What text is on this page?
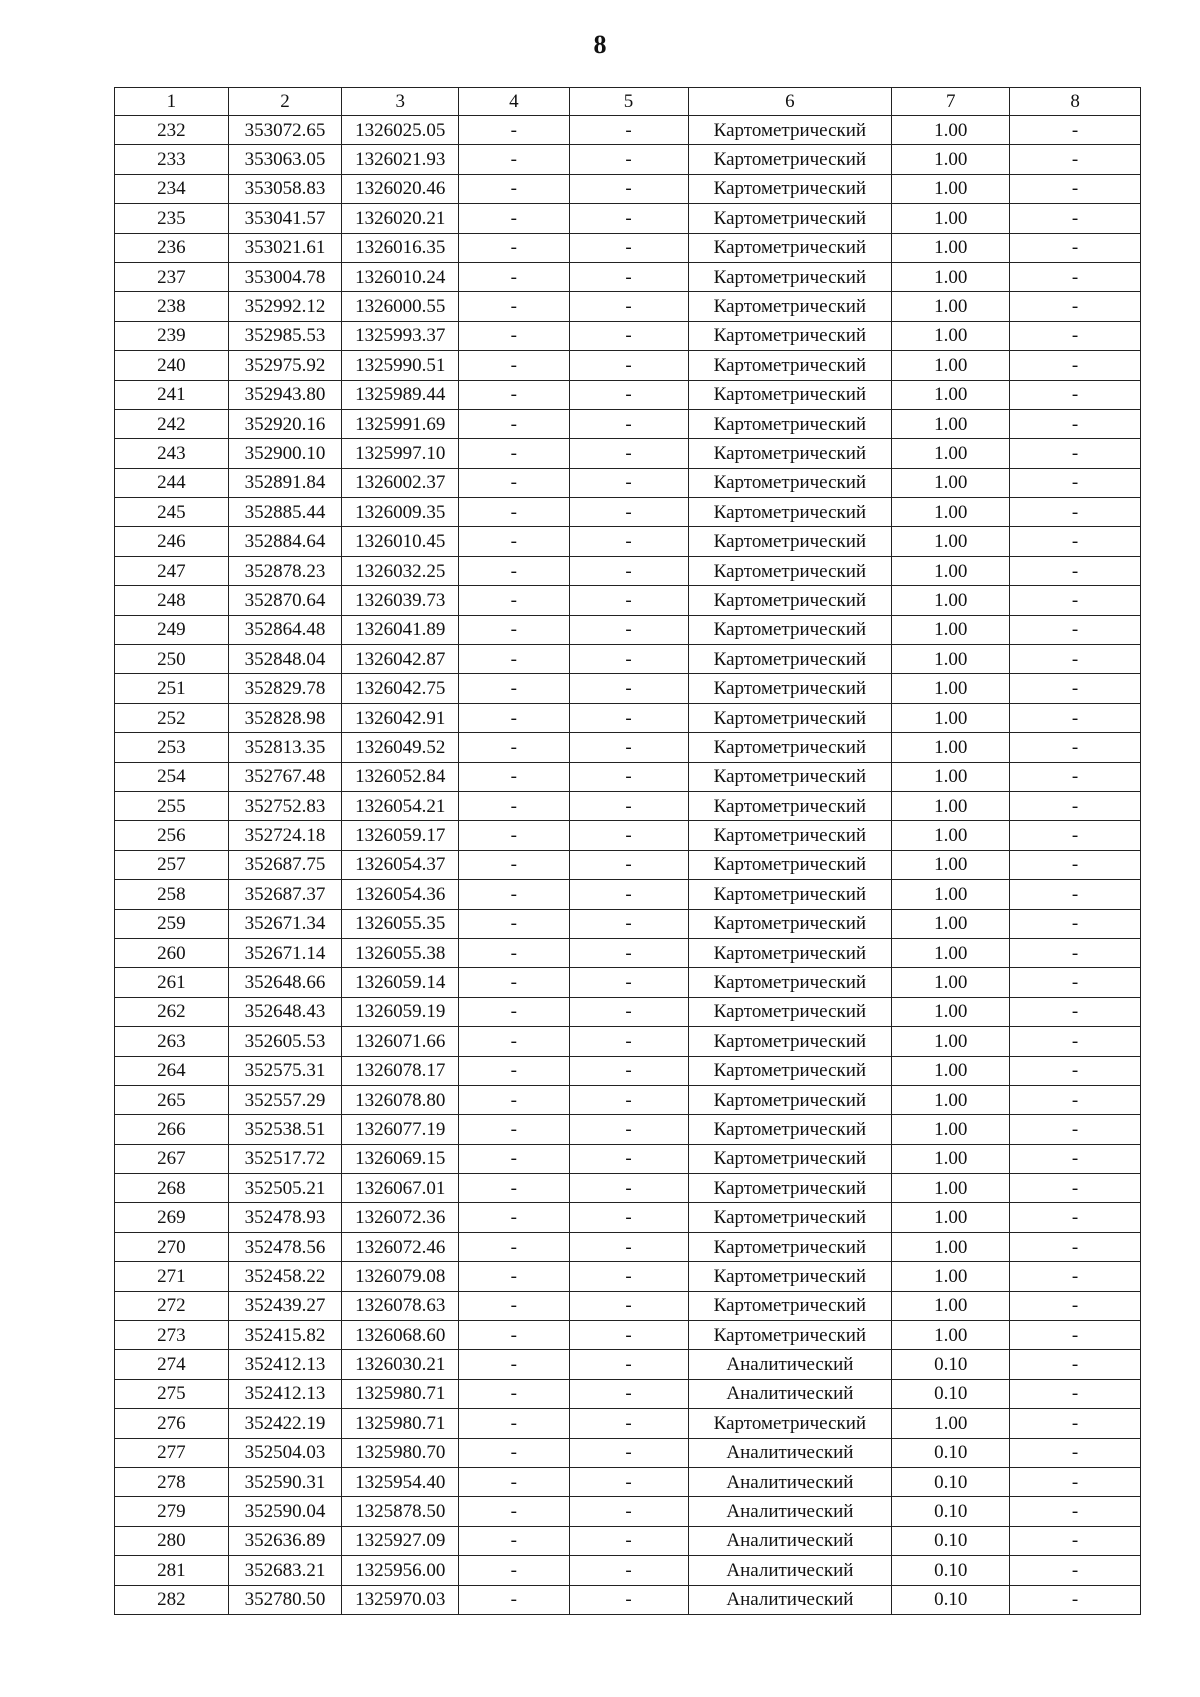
8
1	2	3	4	5	6	7	8
232	353072.65	1326025.05	-	-	Картометрический	1.00	-
233	353063.05	1326021.93	-	-	Картометрический	1.00	-
234	353058.83	1326020.46	-	-	Картометрический	1.00	-
235	353041.57	1326020.21	-	-	Картометрический	1.00	-
236	353021.61	1326016.35	-	-	Картометрический	1.00	-
237	353004.78	1326010.24	-	-	Картометрический	1.00	-
238	352992.12	1326000.55	-	-	Картометрический	1.00	-
239	352985.53	1325993.37	-	-	Картометрический	1.00	-
240	352975.92	1325990.51	-	-	Картометрический	1.00	-
241	352943.80	1325989.44	-	-	Картометрический	1.00	-
242	352920.16	1325991.69	-	-	Картометрический	1.00	-
243	352900.10	1325997.10	-	-	Картометрический	1.00	-
244	352891.84	1326002.37	-	-	Картометрический	1.00	-
245	352885.44	1326009.35	-	-	Картометрический	1.00	-
246	352884.64	1326010.45	-	-	Картометрический	1.00	-
247	352878.23	1326032.25	-	-	Картометрический	1.00	-
248	352870.64	1326039.73	-	-	Картометрический	1.00	-
249	352864.48	1326041.89	-	-	Картометрический	1.00	-
250	352848.04	1326042.87	-	-	Картометрический	1.00	-
251	352829.78	1326042.75	-	-	Картометрический	1.00	-
252	352828.98	1326042.91	-	-	Картометрический	1.00	-
253	352813.35	1326049.52	-	-	Картометрический	1.00	-
254	352767.48	1326052.84	-	-	Картометрический	1.00	-
255	352752.83	1326054.21	-	-	Картометрический	1.00	-
256	352724.18	1326059.17	-	-	Картометрический	1.00	-
257	352687.75	1326054.37	-	-	Картометрический	1.00	-
258	352687.37	1326054.36	-	-	Картометрический	1.00	-
259	352671.34	1326055.35	-	-	Картометрический	1.00	-
260	352671.14	1326055.38	-	-	Картометрический	1.00	-
261	352648.66	1326059.14	-	-	Картометрический	1.00	-
262	352648.43	1326059.19	-	-	Картометрический	1.00	-
263	352605.53	1326071.66	-	-	Картометрический	1.00	-
264	352575.31	1326078.17	-	-	Картометрический	1.00	-
265	352557.29	1326078.80	-	-	Картометрический	1.00	-
266	352538.51	1326077.19	-	-	Картометрический	1.00	-
267	352517.72	1326069.15	-	-	Картометрический	1.00	-
268	352505.21	1326067.01	-	-	Картометрический	1.00	-
269	352478.93	1326072.36	-	-	Картометрический	1.00	-
270	352478.56	1326072.46	-	-	Картометрический	1.00	-
271	352458.22	1326079.08	-	-	Картометрический	1.00	-
272	352439.27	1326078.63	-	-	Картометрический	1.00	-
273	352415.82	1326068.60	-	-	Картометрический	1.00	-
274	352412.13	1326030.21	-	-	Аналитический	0.10	-
275	352412.13	1325980.71	-	-	Аналитический	0.10	-
276	352422.19	1325980.71	-	-	Картометрический	1.00	-
277	352504.03	1325980.70	-	-	Аналитический	0.10	-
278	352590.31	1325954.40	-	-	Аналитический	0.10	-
279	352590.04	1325878.50	-	-	Аналитический	0.10	-
280	352636.89	1325927.09	-	-	Аналитический	0.10	-
281	352683.21	1325956.00	-	-	Аналитический	0.10	-
282	352780.50	1325970.03	-	-	Аналитический	0.10	-
